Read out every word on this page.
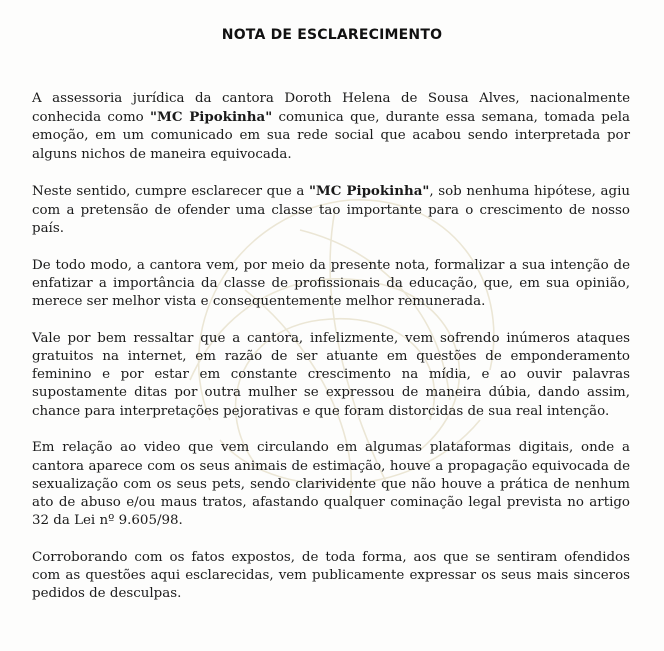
NOTA DE ESCLARECIMENTO

A assessoria jurídica da cantora Doroth Helena de Sousa Alves, nacionalmente conhecida como "MC Pipokinha" comunica que, durante essa semana, tomada pela emoção, em um comunicado em sua rede social que acabou sendo interpretada por alguns nichos de maneira equivocada.

Neste sentido, cumpre esclarecer que a "MC Pipokinha", sob nenhuma hipótese, agiu com a pretensão de ofender uma classe tao importante para o crescimento de nosso país.

De todo modo, a cantora vem, por meio da presente nota, formalizar a sua intenção de enfatizar a importância da classe de profissionais da educação, que, em sua opinião, merece ser melhor vista e consequentemente melhor remunerada.

Vale por bem ressaltar que a cantora, infelizmente, vem sofrendo inúmeros ataques gratuitos na internet, em razão de ser atuante em questões de emponderamento feminino e por estar em constante crescimento na mídia, e ao ouvir palavras supostamente ditas por outra mulher se expressou de maneira dúbia, dando assim, chance para interpretações pejorativas e que foram distorcidas de sua real intenção.

Em relação ao video que vem circulando em algumas plataformas digitais, onde a cantora aparece com os seus animais de estimação, houve a propagação equivocada de sexualização com os seus pets, sendo clarividente que não houve a prática de nenhum ato de abuso e/ou maus tratos, afastando qualquer cominação legal prevista no artigo 32 da Lei nº 9.605/98.

Corroborando com os fatos expostos, de toda forma, aos que se sentiram ofendidos com as questões aqui esclarecidas, vem publicamente expressar os seus mais sinceros pedidos de desculpas.
